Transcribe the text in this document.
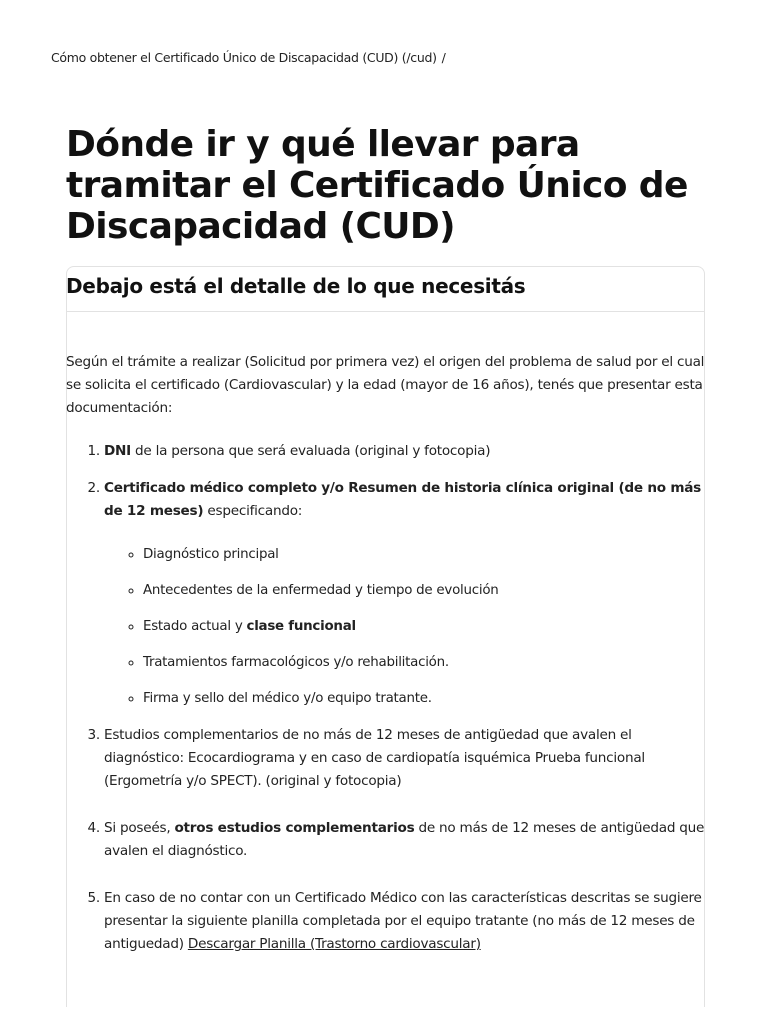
Cómo obtener el Certificado Único de Discapacidad (CUD) (/cud) /
Dónde ir y qué llevar para tramitar el Certificado Único de Discapacidad (CUD)
Debajo está el detalle de lo que necesitás

Según el trámite a realizar (Solicitud por primera vez) el origen del problema de salud por el cual se solicita el certificado (Cardiovascular) y la edad (mayor de 16 años), tenés que presentar esta documentación:

1. DNI de la persona que será evaluada (original y fotocopia)
2. Certificado médico completo y/o Resumen de historia clínica original (de no más de 12 meses) especificando:
◦ Diagnóstico principal
◦ Antecedentes de la enfermedad y tiempo de evolución
◦ Estado actual y clase funcional
◦ Tratamientos farmacológicos y/o rehabilitación.
◦ Firma y sello del médico y/o equipo tratante.
3. Estudios complementarios de no más de 12 meses de antigüedad que avalen el diagnóstico: Ecocardiograma y en caso de cardiopatía isquémica Prueba funcional (Ergometría y/o SPECT). (original y fotocopia)
4. Si poseés, otros estudios complementarios de no más de 12 meses de antigüedad que avalen el diagnóstico.
5. En caso de no contar con un Certificado Médico con las características descritas se sugiere presentar la siguiente planilla completada por el equipo tratante (no más de 12 meses de antiguedad) Descargar Planilla (Trastorno cardiovascular)
